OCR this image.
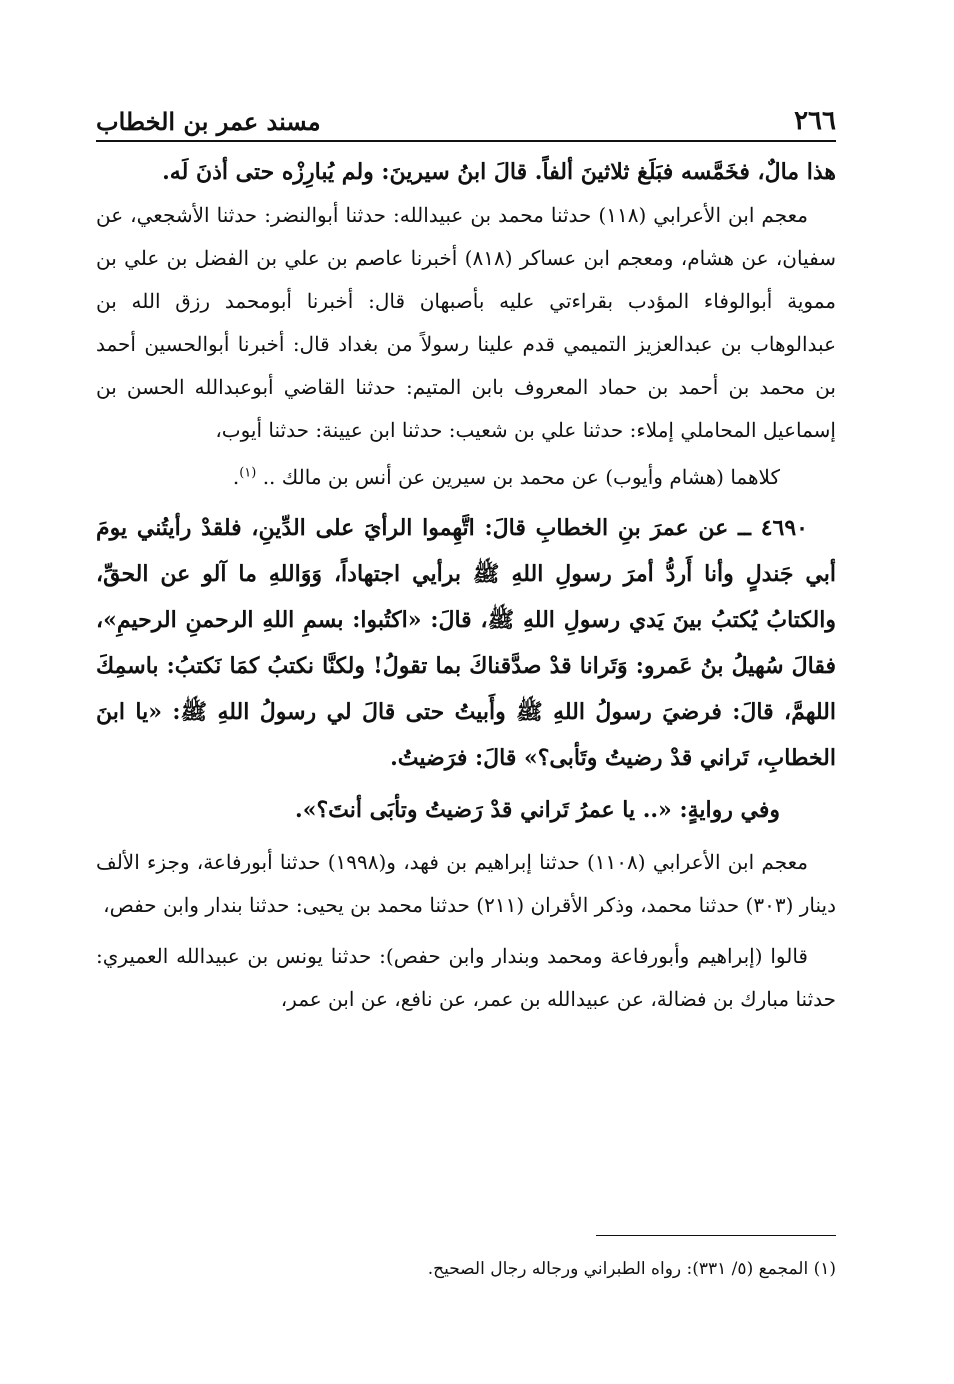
٢٦٦
مسند عمر بن الخطاب

هذا مالٌ، فخَمَّسه فبَلَغ ثلاثينَ ألفاً. قالَ ابنُ سيرينَ: ولم يُبارِزْه حتى أذنَ لَه.

معجم ابن الأعرابي (١١٨) حدثنا محمد بن عبيدالله: حدثنا أبوالنضر: حدثنا الأشجعي، عن سفيان، عن هشام، ومعجم ابن عساكر (٨١٨) أخبرنا عاصم بن علي بن الفضل بن علي بن مموية أبوالوفاء المؤدب بقراءتي عليه بأصبهان قال: أخبرنا أبومحمد رزق الله بن عبدالوهاب بن عبدالعزيز التميمي قدم علينا رسولاً من بغداد قال: أخبرنا أبوالحسين أحمد بن محمد بن أحمد بن حماد المعروف بابن المتيم: حدثنا القاضي أبوعبدالله الحسن بن إسماعيل المحاملي إملاء: حدثنا علي بن شعيب: حدثنا ابن عيينة: حدثنا أيوب،

كلاهما (هشام وأيوب) عن محمد بن سيرين عن أنس بن مالك .. $^{(١)}$.

٤٦٩٠ ــ عن عمرَ بنِ الخطابِ قالَ: اتَّهِموا الرأيَ على الدِّينِ، فلقدْ رأيتُني يومَ أبي جَندلٍ وأنا أَردُّ أمرَ رسولِ اللهِ ﷺ برأيي اجتهاداً، وَوَاللهِ ما آلو عن الحقِّ، والكتابُ يُكتبُ بينَ يَدي رسولِ اللهِ ﷺ، قالَ: «اكتُبوا: بسمِ اللهِ الرحمنِ الرحيمِ»، فقالَ سُهيلُ بنُ عَمرو: وَتَرانا قدْ صدَّقناكَ بما تقولُ! ولكنَّا نكتبُ كمَا نَكتبُ: باسمِكَ اللهمَّ، قالَ: فرضيَ رسولُ اللهِ ﷺ وأَبيتُ حتى قالَ لي رسولُ اللهِ ﷺ: «يا ابنَ الخطابِ، تَراني قدْ رضيتُ وتَأبى؟» قالَ: فرَضيتُ.

وفي روايةٍ: «.. يا عمرُ تَراني قدْ رَضيتُ وتأبَى أنتَ؟».

معجم ابن الأعرابي (١١٠٨) حدثنا إبراهيم بن فهد، و(١٩٩٨) حدثنا أبورفاعة، وجزء الألف دينار (٣٠٣) حدثنا محمد، وذكر الأقران (٢١١) حدثنا محمد بن يحيى: حدثنا بندار وابن حفص،

قالوا (إبراهيم وأبورفاعة ومحمد وبندار وابن حفص): حدثنا يونس بن عبيدالله العميري: حدثنا مبارك بن فضالة، عن عبيدالله بن عمر، عن نافع، عن ابن عمر،

(١) المجمع (٥/ ٣٣١): رواه الطبراني ورجاله رجال الصحيح.
